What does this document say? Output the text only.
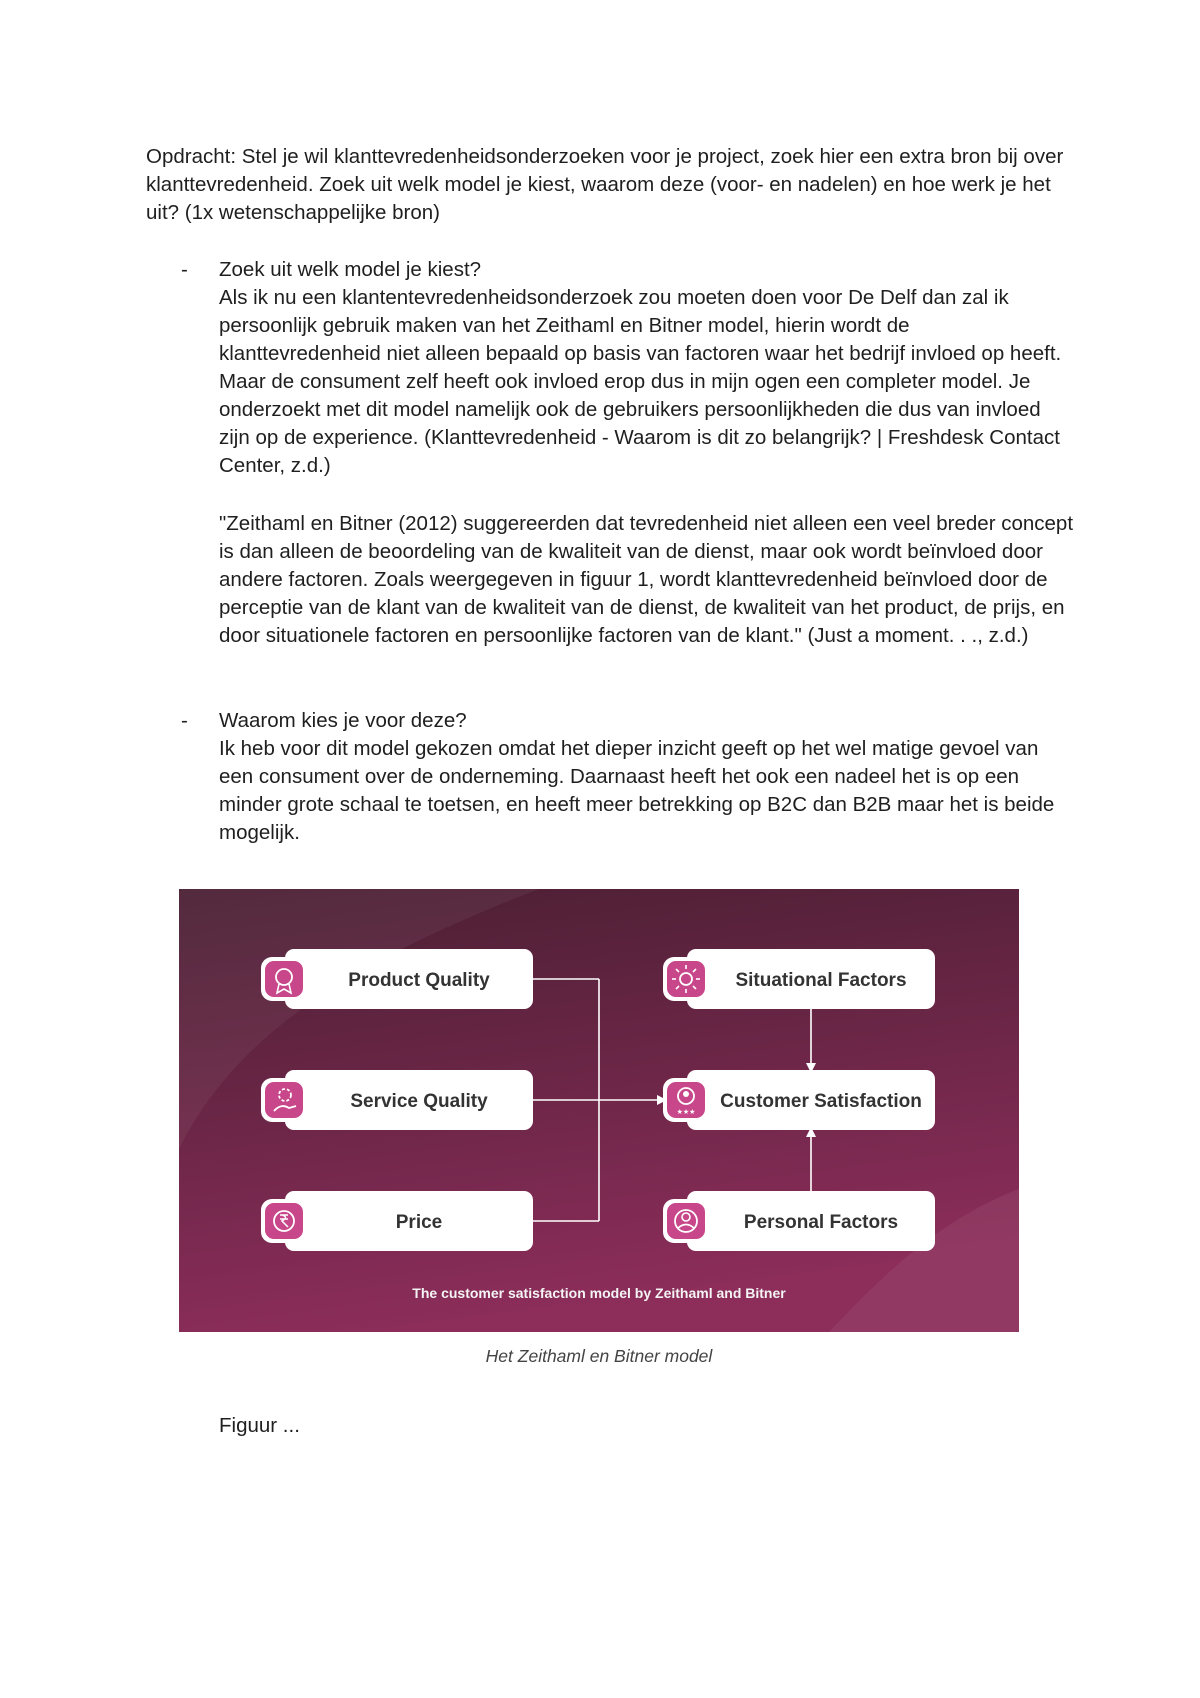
Opdracht: Stel je wil klanttevredenheidsonderzoeken voor je project, zoek hier een extra bron bij over klanttevredenheid. Zoek uit welk model je kiest, waarom deze (voor- en nadelen) en hoe werk je het uit? (1x wetenschappelijke bron)

- Zoek uit welk model je kiest?
Als ik nu een klantentevredenheidsonderzoek zou moeten doen voor De Delf dan zal ik persoonlijk gebruik maken van het Zeithaml en Bitner model, hierin wordt de klanttevredenheid niet alleen bepaald op basis van factoren waar het bedrijf invloed op heeft. Maar de consument zelf heeft ook invloed erop dus in mijn ogen een completer model. Je onderzoekt met dit model namelijk ook de gebruikers persoonlijkheden die dus van invloed zijn op de experience. (Klanttevredenheid - Waarom is dit zo belangrijk? | Freshdesk Contact Center, z.d.)

"Zeithaml en Bitner (2012) suggereerden dat tevredenheid niet alleen een veel breder concept is dan alleen de beoordeling van de kwaliteit van de dienst, maar ook wordt beïnvloed door andere factoren. Zoals weergegeven in figuur 1, wordt klanttevredenheid beïnvloed door de perceptie van de klant van de kwaliteit van de dienst, de kwaliteit van het product, de prijs, en door situationele factoren en persoonlijke factoren van de klant." (Just a moment. . ., z.d.)

- Waarom kies je voor deze?
Ik heb voor dit model gekozen omdat het dieper inzicht geeft op het wel matige gevoel van een consument over de onderneming. Daarnaast heeft het ook een nadeel het is op een minder grote schaal te toetsen, en heeft meer betrekking op B2C dan B2B maar het is beide mogelijk.
Product Quality
Service Quality
Price
Situational Factors
★★★ Customer Satisfaction
Personal Factors
The customer satisfaction model by Zeithaml and Bitner
Het Zeithaml en Bitner model
Figuur ...
